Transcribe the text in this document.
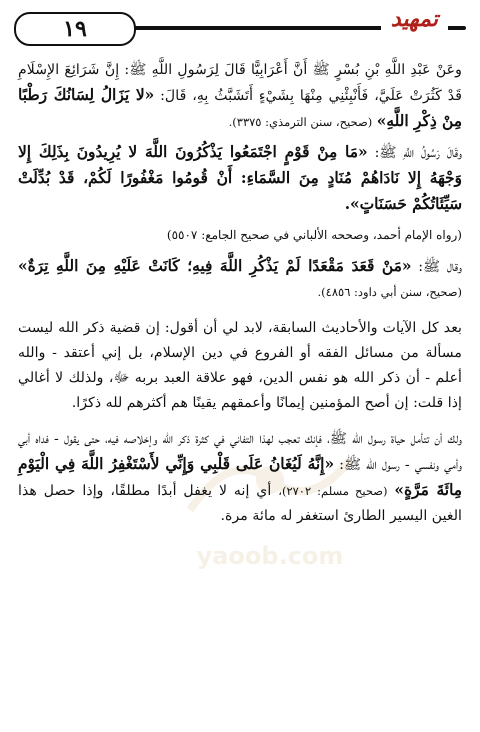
١٩	تمهيد
yaoob.com

وعَنْ عَبْدِ اللَّهِ بْنِ بُسْرٍ ﷺ أَنَّ أَعْرَابِيًّا قَالَ لِرَسُولِ اللَّهِ ﷺ: إِنَّ شَرَائِعَ الإِسْلَامِ قَدْ كَثُرَتْ عَلَيَّ، فَأَنْبِئْنِي مِنْهَا بِشَيْءٍ أَتَشَبَّثُ بِهِ، قَالَ: «لا يَزَالُ لِسَانُكَ رَطْبًا مِنْ ذِكْرِ اللَّهِ» (صحيح، سنن الترمذي: ٣٣٧٥).

وقَالَ رَسُولُ اللَّهِ ﷺ: «مَا مِنْ قَوْمٍ اجْتَمَعُوا يَذْكُرُونَ اللَّهَ لا يُرِيدُونَ بِذَلِكَ إِلا وَجْهَهُ إِلا نَادَاهُمْ مُنَادٍ مِنَ السَّمَاءِ: أَنْ قُومُوا مَغْفُورًا لَكُمْ، قَدْ بُدِّلَتْ سَيِّئَاتُكُمْ حَسَنَاتٍ».

(رواه الإمام أحمد، وصححه الألباني في صحيح الجامع: ٥٥٠٧)

وقال ﷺ: «مَنْ قَعَدَ مَقْعَدًا لَمْ يَذْكُرِ اللَّهَ فِيهِ؛ كَانَتْ عَلَيْهِ مِنَ اللَّهِ تِرَةٌ» (صحيح، سنن أبي داود: ٤٨٥٦).

بعد كل الآيات والأحاديث السابقة، لابد لي أن أقول: إن قضية ذكر الله ليست مسألة من مسائل الفقه أو الفروع في دين الإسلام، بل إني أعتقد - والله أعلم - أن ذكر الله هو نفس الدين، فهو علاقة العبد بربه ﷻ، ولذلك لا أغالي إذا قلت: إن أصح المؤمنين إيمانًا وأعمقهم يقينًا هم أكثرهم لله ذكرًا.

ولك أن تتأمل حياة رسول الله ﷺ، فإنك تعجب لهذا التفاني في كثرة ذكر الله وإخلاصه فيه، حتى يقول - فداه أبي وأمي ونفسي - رسول الله ﷺ: «إِنَّهُ لَيُغَانُ عَلَى قَلْبِي وَإِنِّي لأَسْتَغْفِرُ اللَّهَ فِي الْيَوْمِ مِائَةَ مَرَّةٍ» (صحيح مسلم: ٢٧٠٢)، أي إنه لا يغفل أبدًا مطلقًا، وإذا حصل هذا الغين اليسير الطارئ استغفر له مائة مرة.
